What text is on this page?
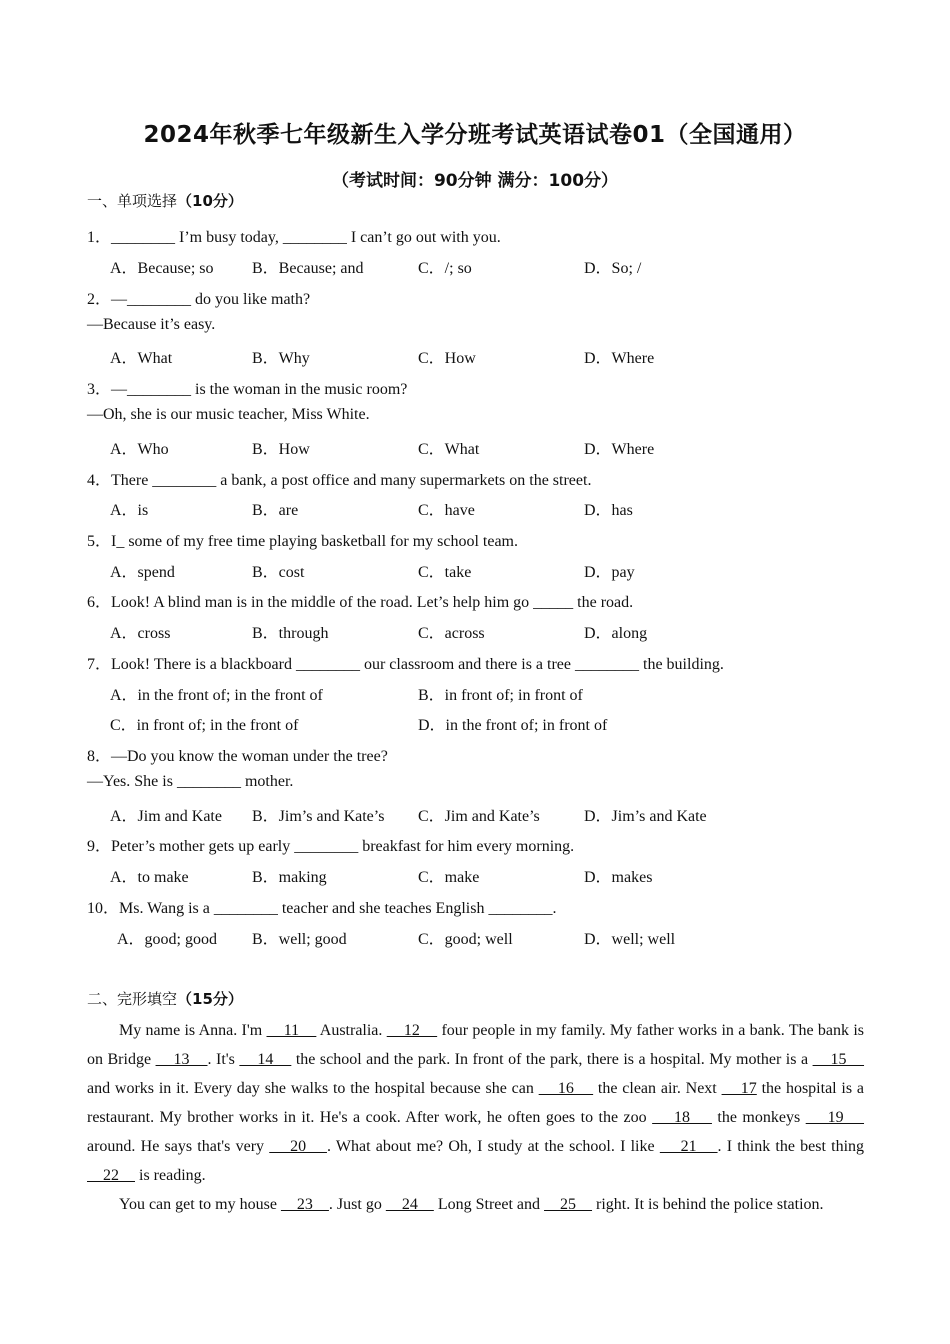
2024年秋季七年级新生入学分班考试英语试卷01（全国通用）
（考试时间：90分钟 满分：100分）
一、单项选择（10分）
1．________ I’m busy today, ________ I can’t go out with you.
A．Because; so B．Because; and	C．/; so	D．So; /
2．—________ do you like math?
—Because it’s easy.
A．What	B．Why	C．How	D．Where
3．—________ is the woman in the music room?
—Oh, she is our music teacher, Miss White.
A．Who	B．How	C．What	D．Where
4．There ________ a bank, a post office and many supermarkets on the street.
A．is	B．are	C．have	D．has
5．I_ some of my free time playing basketball for my school team.
A．spend	B．cost	C．take	D．pay
6．Look! A blind man is in the middle of the road. Let’s help him go _____ the road.
A．cross	B．through	C．across	D．along
7．Look! There is a blackboard ________ our classroom and there is a tree ________ the building.
A．in the front of; in the front of	B．in front of; in front of
C．in front of; in the front of	D．in the front of; in front of
8．—Do you know the woman under the tree?
—Yes. She is ________ mother.
A．Jim and Kate B．Jim’s and Kate’s C．Jim and Kate’s	D．Jim’s and Kate
9．Peter’s mother gets up early ________ breakfast for him every morning.
A．to make	B．making	C．make	D．makes
10．Ms. Wang is a ________ teacher and she teaches English ________.
A．good; good B．well; good	C．good; well	D．well; well
二、完形填空（15分）
My name is Anna. I'm     11     Australia.     12     four people in my family. My father works in a bank. The bank is on Bridge     13    . It's     14     the school and the park. In front of the park, there is a hospital. My mother is a     15     and works in it. Every day she walks to the hospital because she can     16     the clean air. Next     17 the hospital is a restaurant. My brother works in it. He's a cook. After work, he often goes to the zoo     18     the monkeys     19     around. He says that's very     20    . What about me? Oh, I study at the school. I like     21    . I think the best thing     22     is reading.
You can get to my house     23    . Just go     24     Long Street and     25     right. It is behind the police station.
